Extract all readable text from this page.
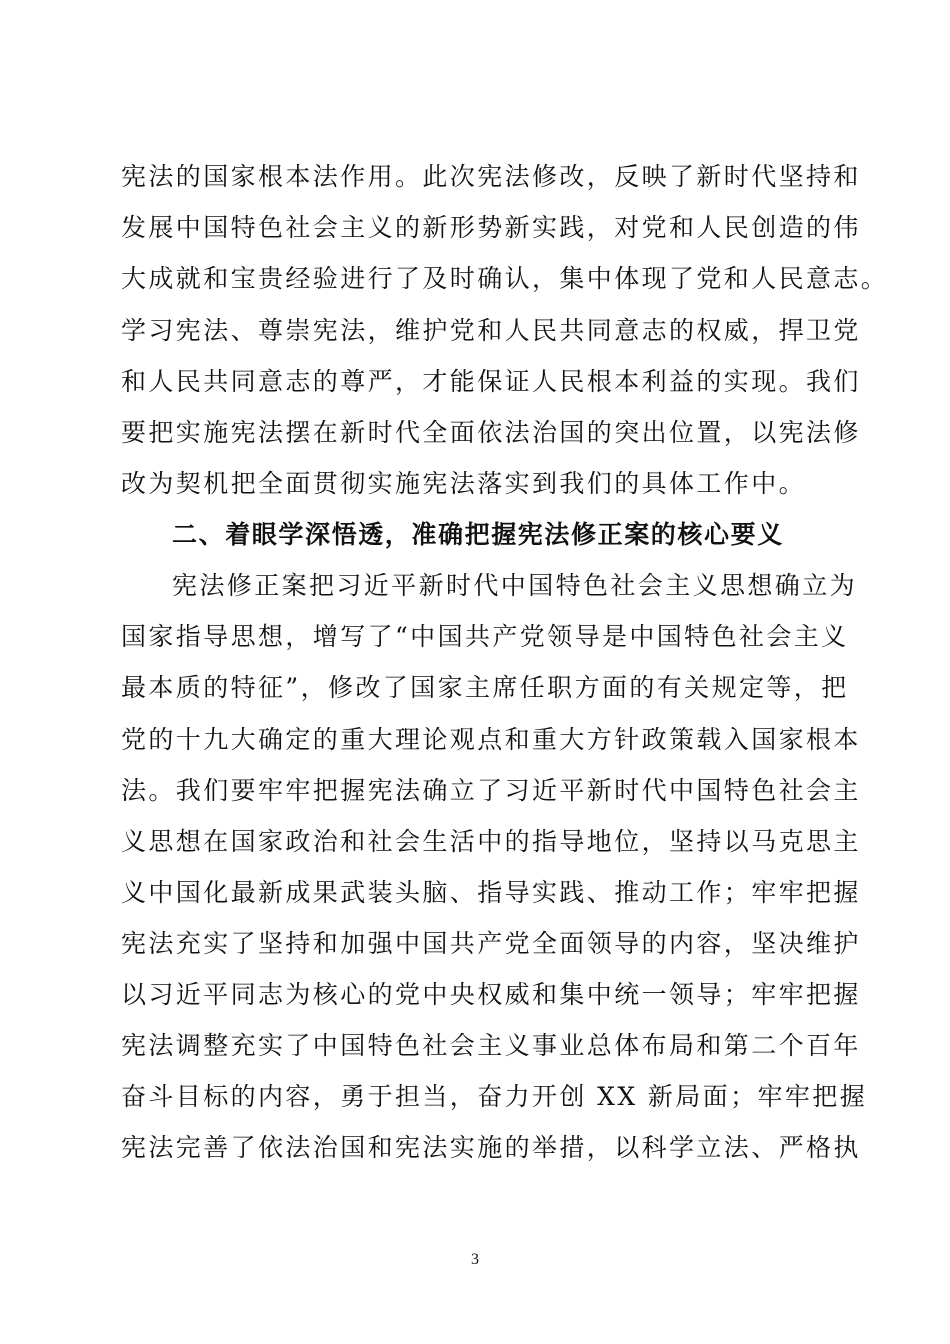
宪法的国家根本法作用。此次宪法修改，反映了新时代坚持和
发展中国特色社会主义的新形势新实践，对党和人民创造的伟
大成就和宝贵经验进行了及时确认，集中体现了党和人民意志。
学习宪法、尊崇宪法，维护党和人民共同意志的权威，捍卫党
和人民共同意志的尊严，才能保证人民根本利益的实现。我们
要把实施宪法摆在新时代全面依法治国的突出位置，以宪法修
改为契机把全面贯彻实施宪法落实到我们的具体工作中。
二、着眼学深悟透，准确把握宪法修正案的核心要义
宪法修正案把习近平新时代中国特色社会主义思想确立为
国家指导思想，增写了“中国共产党领导是中国特色社会主义
最本质的特征”，修改了国家主席任职方面的有关规定等，把
党的十九大确定的重大理论观点和重大方针政策载入国家根本
法。我们要牢牢把握宪法确立了习近平新时代中国特色社会主
义思想在国家政治和社会生活中的指导地位，坚持以马克思主
义中国化最新成果武装头脑、指导实践、推动工作；牢牢把握
宪法充实了坚持和加强中国共产党全面领导的内容，坚决维护
以习近平同志为核心的党中央权威和集中统一领导；牢牢把握
宪法调整充实了中国特色社会主义事业总体布局和第二个百年
奋斗目标的内容，勇于担当，奋力开创 XX 新局面；牢牢把握
宪法完善了依法治国和宪法实施的举措，以科学立法、严格执
3
